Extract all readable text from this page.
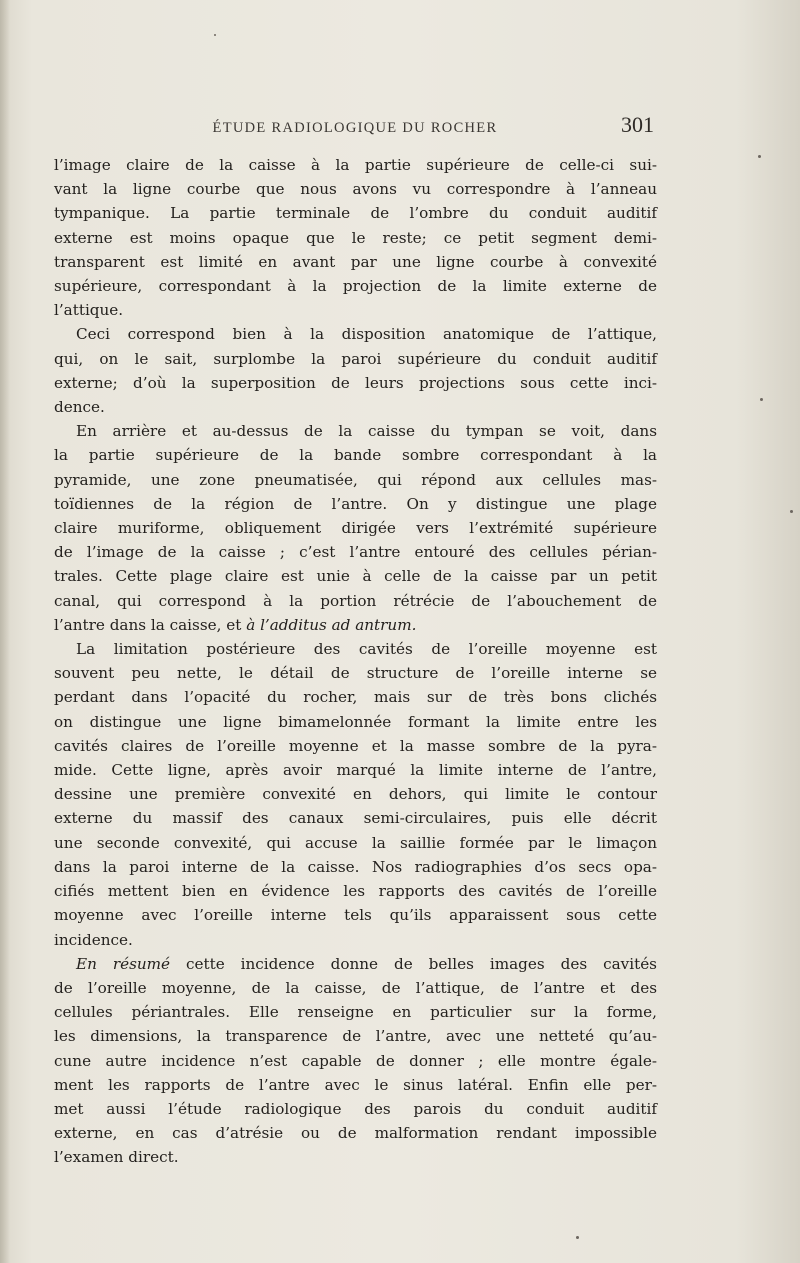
ÉTUDE RADIOLOGIQUE DU ROCHER	301
l’image claire de la caisse à la partie supérieure de celle-ci sui-
vant la ligne courbe que nous avons vu correspondre à l’anneau
tympanique. La partie terminale de l’ombre du conduit auditif
externe est moins opaque que le reste; ce petit segment demi-
transparent est limité en avant par une ligne courbe à convexité
supérieure, correspondant à la projection de la limite externe de
l’attique.
Ceci correspond bien à la disposition anatomique de l’attique,
qui, on le sait, surplombe la paroi supérieure du conduit auditif
externe; d’où la superposition de leurs projections sous cette inci-
dence.
En arrière et au-dessus de la caisse du tympan se voit, dans
la partie supérieure de la bande sombre correspondant à la
pyramide, une zone pneumatisée, qui répond aux cellules mas-
toïdiennes de la région de l’antre. On y distingue une plage
claire muriforme, obliquement dirigée vers l’extrémité supérieure
de l’image de la caisse ; c’est l’antre entouré des cellules périan-
trales. Cette plage claire est unie à celle de la caisse par un petit
canal, qui correspond à la portion rétrécie de l’abouchement de
l’antre dans la caisse, et à l’additus ad antrum.
La limitation postérieure des cavités de l’oreille moyenne est
souvent peu nette, le détail de structure de l’oreille interne se
perdant dans l’opacité du rocher, mais sur de très bons clichés
on distingue une ligne bimamelonnée formant la limite entre les
cavités claires de l’oreille moyenne et la masse sombre de la pyra-
mide. Cette ligne, après avoir marqué la limite interne de l’antre,
dessine une première convexité en dehors, qui limite le contour
externe du massif des canaux semi-circulaires, puis elle décrit
une seconde convexité, qui accuse la saillie formée par le limaçon
dans la paroi interne de la caisse. Nos radiographies d’os secs opa-
cifiés mettent bien en évidence les rapports des cavités de l’oreille
moyenne avec l’oreille interne tels qu’ils apparaissent sous cette
incidence.
En résumé cette incidence donne de belles images des cavités
de l’oreille moyenne, de la caisse, de l’attique, de l’antre et des
cellules périantrales. Elle renseigne en particulier sur la forme,
les dimensions, la transparence de l’antre, avec une netteté qu’au-
cune autre incidence n’est capable de donner ; elle montre égale-
ment les rapports de l’antre avec le sinus latéral. Enfin elle per-
met aussi l’étude radiologique des parois du conduit auditif
externe, en cas d’atrésie ou de malformation rendant impossible
l’examen direct.
